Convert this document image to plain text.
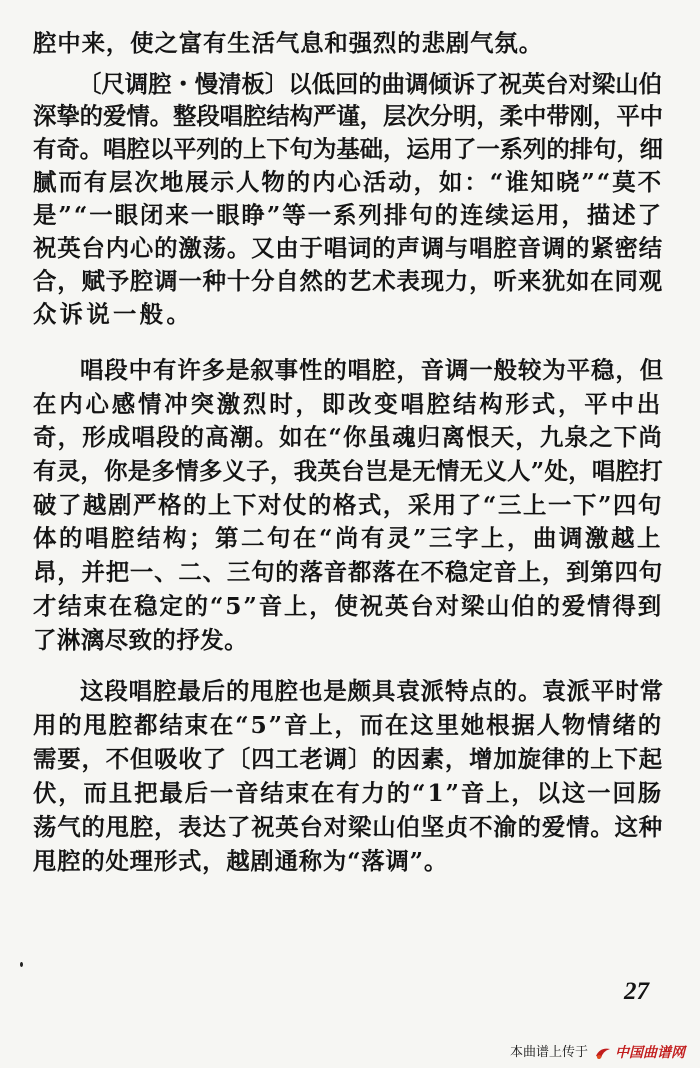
腔中来，使之富有生活气息和强烈的悲剧气氛。
〔尺调腔・慢清板〕以低回的曲调倾诉了祝英台对梁山伯
深挚的爱情。整段唱腔结构严谨，层次分明，柔中带刚，平中
有奇。唱腔以平列的上下句为基础，运用了一系列的排句，细
腻而有层次地展示人物的内心活动，如：“谁知晓”“莫不
是”“一眼闭来一眼睁”等一系列排句的连续运用，描述了
祝英台内心的激荡。又由于唱词的声调与唱腔音调的紧密结
合，赋予腔调一种十分自然的艺术表现力，听来犹如在同观
众诉说一般。
唱段中有许多是叙事性的唱腔，音调一般较为平稳，但
在内心感情冲突激烈时，即改变唱腔结构形式，平中出
奇，形成唱段的高潮。如在“你虽魂归离恨天，九泉之下尚
有灵，你是多情多义子，我英台岂是无情无义人”处，唱腔打
破了越剧严格的上下对仗的格式，采用了“三上一下”四句
体的唱腔结构；第二句在“尚有灵”三字上，曲调激越上
昂，并把一、二、三句的落音都落在不稳定音上，到第四句
才结束在稳定的“5”音上，使祝英台对梁山伯的爱情得到
了淋漓尽致的抒发。
这段唱腔最后的甩腔也是颇具袁派特点的。袁派平时常
用的甩腔都结束在“5”音上，而在这里她根据人物情绪的
需要，不但吸收了〔四工老调〕的因素，增加旋律的上下起
伏，而且把最后一音结束在有力的“1”音上，以这一回肠
荡气的甩腔，表达了祝英台对梁山伯坚贞不渝的爱情。这种
甩腔的处理形式，越剧通称为“落调”。
27
本曲谱上传于 中国曲谱网
